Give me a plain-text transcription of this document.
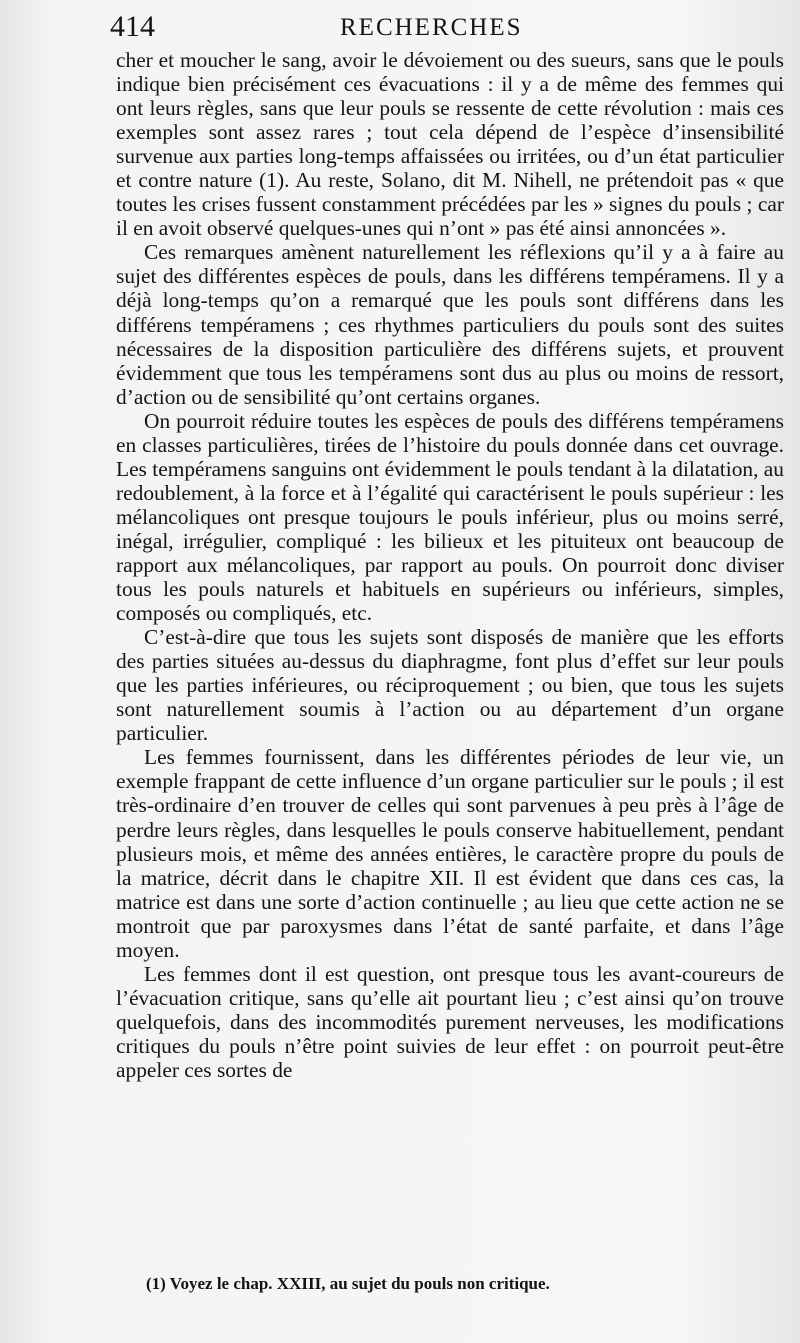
414	RECHERCHES

cher et moucher le sang, avoir le dévoiement ou des sueurs, sans que le pouls indique bien précisément ces évacuations : il y a de même des femmes qui ont leurs règles, sans que leur pouls se ressente de cette révolution : mais ces exemples sont assez rares ; tout cela dépend de l’espèce d’insensibilité survenue aux parties long-temps affaissées ou irritées, ou d’un état particulier et contre nature (1). Au reste, Solano, dit M. Nihell, ne prétendoit pas « que toutes les crises fussent constamment précédées par les » signes du pouls ; car il en avoit observé quelques-unes qui n’ont » pas été ainsi annoncées ».

Ces remarques amènent naturellement les réflexions qu’il y a à faire au sujet des différentes espèces de pouls, dans les différens tempéramens. Il y a déjà long-temps qu’on a remarqué que les pouls sont différens dans les différens tempéramens ; ces rhythmes particuliers du pouls sont des suites nécessaires de la disposition particulière des différens sujets, et prouvent évidemment que tous les tempéramens sont dus au plus ou moins de ressort, d’action ou de sensibilité qu’ont certains organes.

On pourroit réduire toutes les espèces de pouls des différens tempéramens en classes particulières, tirées de l’histoire du pouls donnée dans cet ouvrage. Les tempéramens sanguins ont évidemment le pouls tendant à la dilatation, au redoublement, à la force et à l’égalité qui caractérisent le pouls supérieur : les mélancoliques ont presque toujours le pouls inférieur, plus ou moins serré, inégal, irrégulier, compliqué : les bilieux et les pituiteux ont beaucoup de rapport aux mélancoliques, par rapport au pouls. On pourroit donc diviser tous les pouls naturels et habituels en supérieurs ou inférieurs, simples, composés ou compliqués, etc.

C’est-à-dire que tous les sujets sont disposés de manière que les efforts des parties situées au-dessus du diaphragme, font plus d’effet sur leur pouls que les parties inférieures, ou réciproquement ; ou bien, que tous les sujets sont naturellement soumis à l’action ou au département d’un organe particulier.

Les femmes fournissent, dans les différentes périodes de leur vie, un exemple frappant de cette influence d’un organe particulier sur le pouls ; il est très-ordinaire d’en trouver de celles qui sont parvenues à peu près à l’âge de perdre leurs règles, dans lesquelles le pouls conserve habituellement, pendant plusieurs mois, et même des années entières, le caractère propre du pouls de la matrice, décrit dans le chapitre XII. Il est évident que dans ces cas, la matrice est dans une sorte d’action continuelle ; au lieu que cette action ne se montroit que par paroxysmes dans l’état de santé parfaite, et dans l’âge moyen.

Les femmes dont il est question, ont presque tous les avant-coureurs de l’évacuation critique, sans qu’elle ait pourtant lieu ; c’est ainsi qu’on trouve quelquefois, dans des incommodités purement nerveuses, les modifications critiques du pouls n’être point suivies de leur effet : on pourroit peut-être appeler ces sortes de

(1) Voyez le chap. XXIII, au sujet du pouls non critique.
